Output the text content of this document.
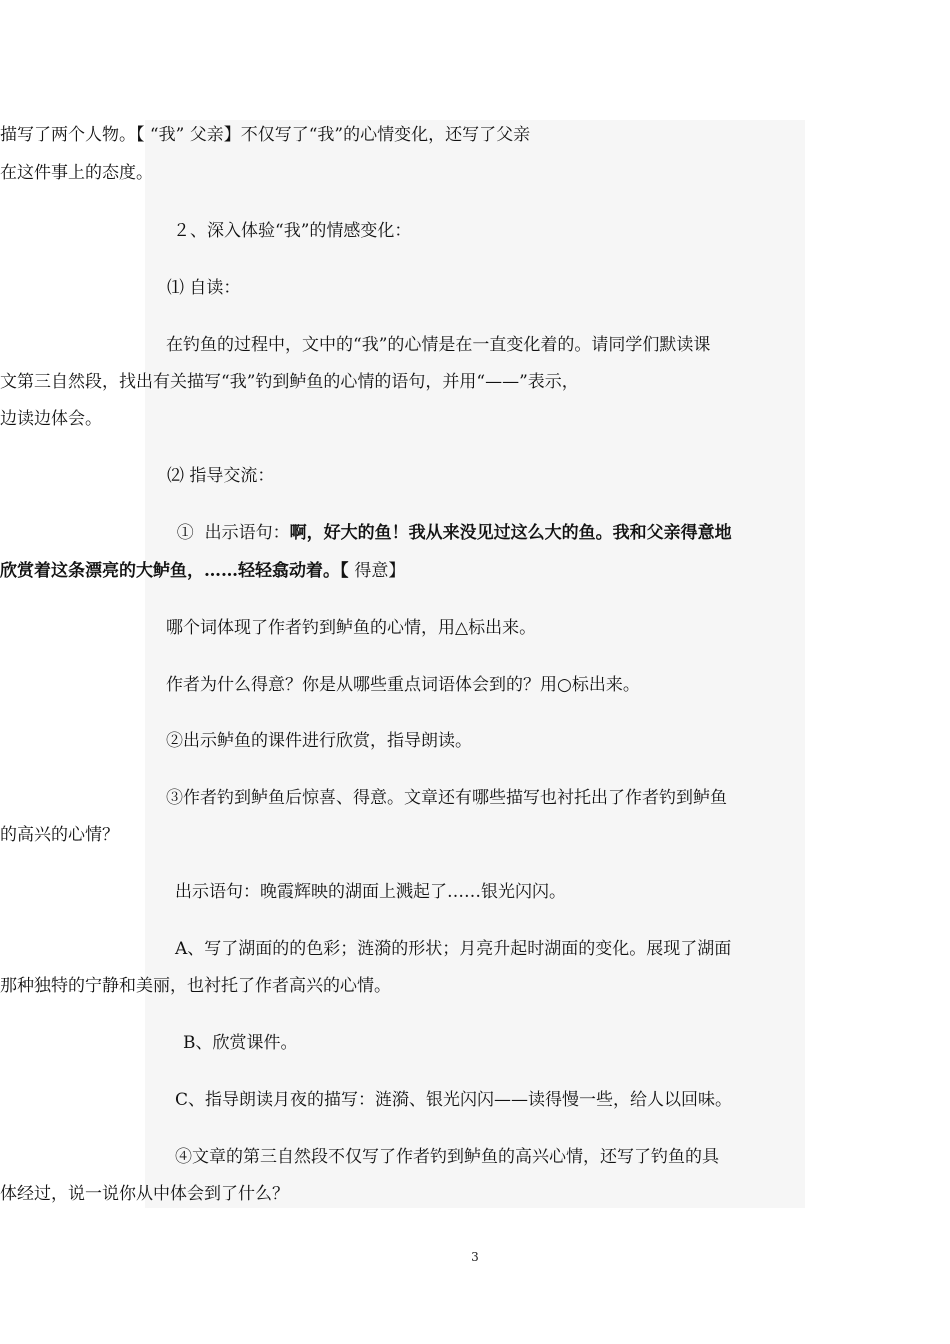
描写了两个人物。【 “我” 父亲】不仅写了“我”的心情变化，还写了父亲

在这件事上的态度。

２、深入体验“我”的情感变化：

⑴ 自读：

在钓鱼的过程中，文中的“我”的心情是在一直变化着的。请同学们默读课

文第三自然段，找出有关描写“我”钓到鲈鱼的心情的语句，并用“——”表示，

边读边体会。

⑵ 指导交流：

①  出示语句：啊，好大的鱼！我从来没见过这么大的鱼。我和父亲得意地

欣赏着这条漂亮的大鲈鱼，……轻轻翕动着。【 得意】

哪个词体现了作者钓到鲈鱼的心情，用△标出来。

作者为什么得意？你是从哪些重点词语体会到的？用○标出来。

②出示鲈鱼的课件进行欣赏，指导朗读。

③作者钓到鲈鱼后惊喜、得意。文章还有哪些描写也衬托出了作者钓到鲈鱼

的高兴的心情？

出示语句：晚霞辉映的湖面上溅起了……银光闪闪。

A、写了湖面的的色彩；涟漪的形状；月亮升起时湖面的变化。展现了湖面

那种独特的宁静和美丽，也衬托了作者高兴的心情。

B、欣赏课件。

C、指导朗读月夜的描写：涟漪、银光闪闪——读得慢一些，给人以回味。

④文章的第三自然段不仅写了作者钓到鲈鱼的高兴心情，还写了钓鱼的具

体经过，说一说你从中体会到了什么？

3
